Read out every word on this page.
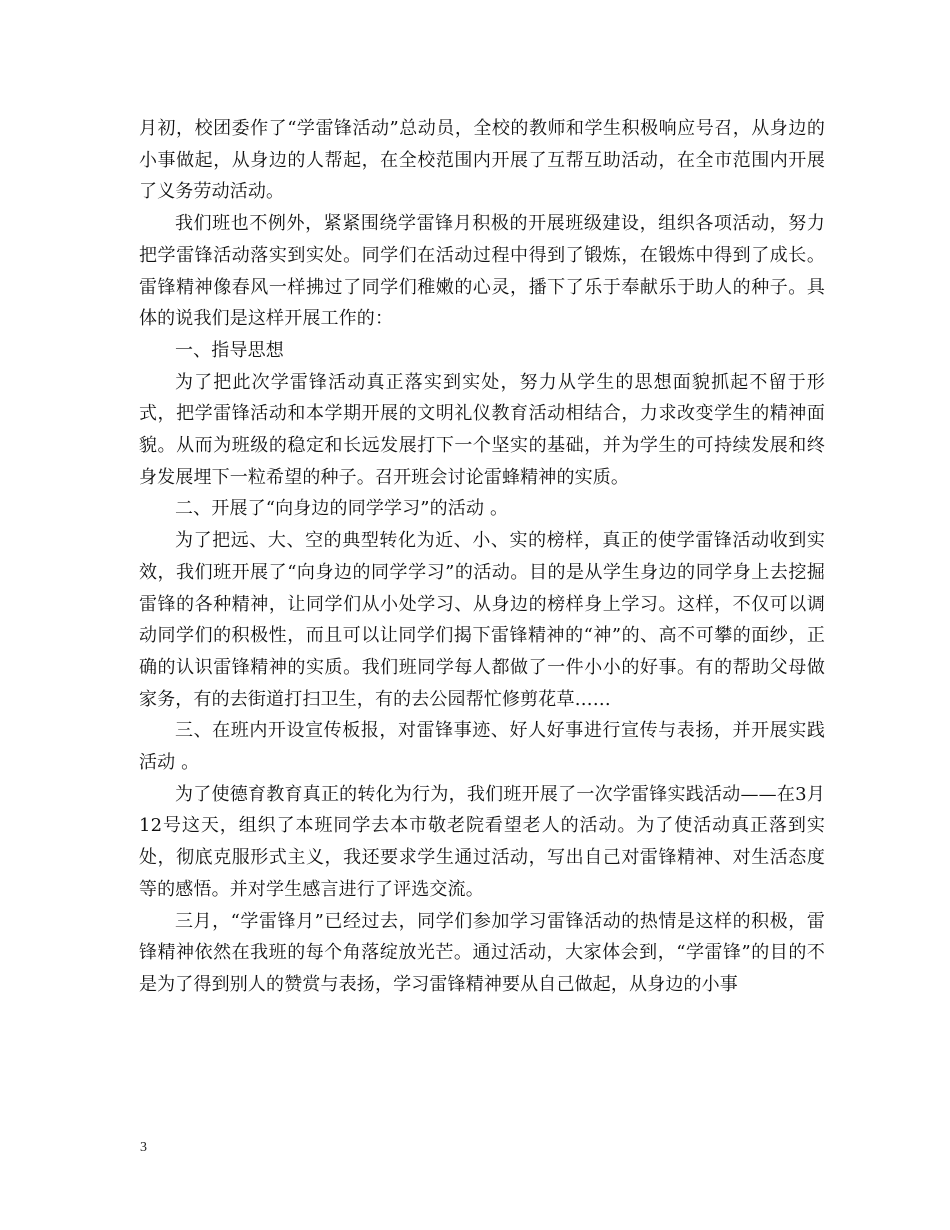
月初，校团委作了“学雷锋活动”总动员，全校的教师和学生积极响应号召，从身边的小事做起，从身边的人帮起，在全校范围内开展了互帮互助活动，在全市范围内开展了义务劳动活动。

我们班也不例外，紧紧围绕学雷锋月积极的开展班级建设，组织各项活动，努力把学雷锋活动落实到实处。同学们在活动过程中得到了锻炼，在锻炼中得到了成长。雷锋精神像春风一样拂过了同学们稚嫩的心灵，播下了乐于奉献乐于助人的种子。具体的说我们是这样开展工作的：

一、指导思想

为了把此次学雷锋活动真正落实到实处，努力从学生的思想面貌抓起不留于形式，把学雷锋活动和本学期开展的文明礼仪教育活动相结合，力求改变学生的精神面貌。从而为班级的稳定和长远发展打下一个坚实的基础，并为学生的可持续发展和终身发展埋下一粒希望的种子。召开班会讨论雷蜂精神的实质。

二、开展了“向身边的同学学习”的活动 。

为了把远、大、空的典型转化为近、小、实的榜样，真正的使学雷锋活动收到实效，我们班开展了“向身边的同学学习”的活动。目的是从学生身边的同学身上去挖掘雷锋的各种精神，让同学们从小处学习、从身边的榜样身上学习。这样，不仅可以调动同学们的积极性，而且可以让同学们揭下雷锋精神的“神”的、高不可攀的面纱，正确的认识雷锋精神的实质。我们班同学每人都做了一件小小的好事。有的帮助父母做家务，有的去街道打扫卫生，有的去公园帮忙修剪花草……

三、在班内开设宣传板报，对雷锋事迹、好人好事进行宣传与表扬，并开展实践活动 。

为了使德育教育真正的转化为行为，我们班开展了一次学雷锋实践活动——在3月12号这天，组织了本班同学去本市敬老院看望老人的活动。为了使活动真正落到实处，彻底克服形式主义，我还要求学生通过活动，写出自己对雷锋精神、对生活态度等的感悟。并对学生感言进行了评选交流。

三月，“学雷锋月”已经过去，同学们参加学习雷锋活动的热情是这样的积极，雷锋精神依然在我班的每个角落绽放光芒。通过活动，大家体会到，“学雷锋”的目的不是为了得到别人的赞赏与表扬，学习雷锋精神要从自己做起，从身边的小事

3
